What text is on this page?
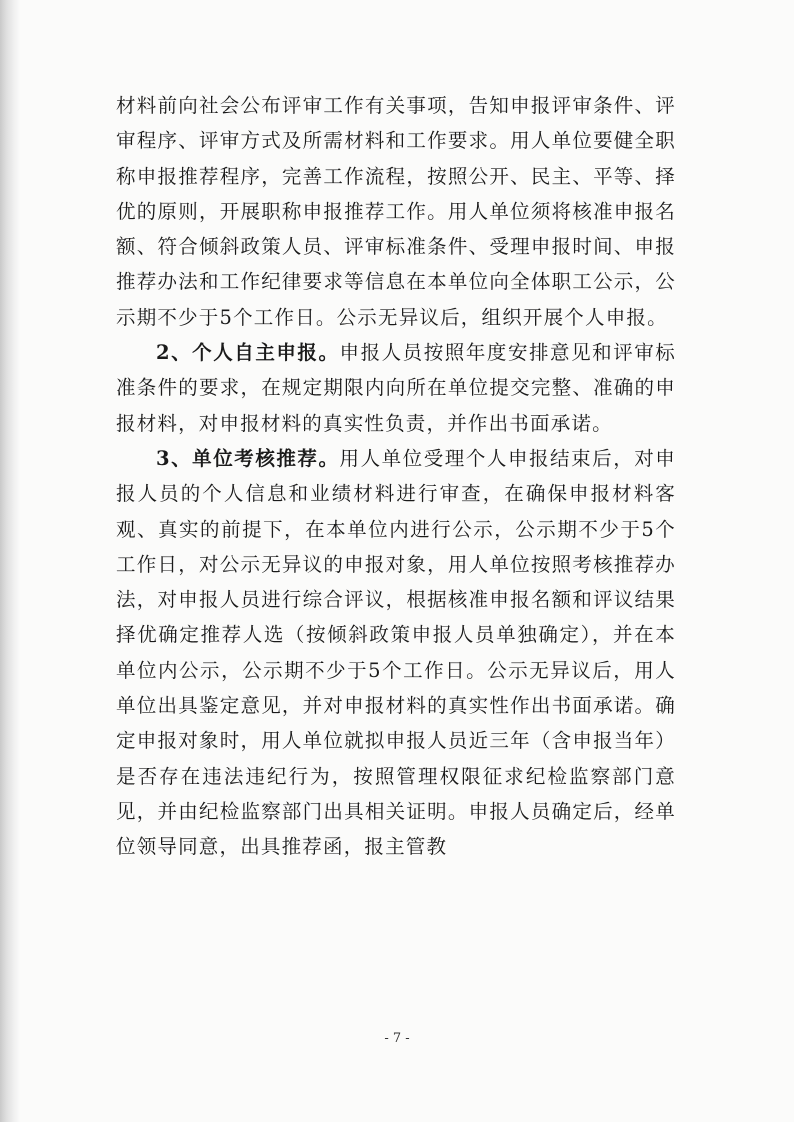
材料前向社会公布评审工作有关事项，告知申报评审条件、评审程序、评审方式及所需材料和工作要求。用人单位要健全职称申报推荐程序，完善工作流程，按照公开、民主、平等、择优的原则，开展职称申报推荐工作。用人单位须将核准申报名额、符合倾斜政策人员、评审标准条件、受理申报时间、申报推荐办法和工作纪律要求等信息在本单位向全体职工公示，公示期不少于5个工作日。公示无异议后，组织开展个人申报。

2、个人自主申报。申报人员按照年度安排意见和评审标准条件的要求，在规定期限内向所在单位提交完整、准确的申报材料，对申报材料的真实性负责，并作出书面承诺。

3、单位考核推荐。用人单位受理个人申报结束后，对申报人员的个人信息和业绩材料进行审查，在确保申报材料客观、真实的前提下，在本单位内进行公示，公示期不少于5个工作日，对公示无异议的申报对象，用人单位按照考核推荐办法，对申报人员进行综合评议，根据核准申报名额和评议结果择优确定推荐人选（按倾斜政策申报人员单独确定），并在本单位内公示，公示期不少于5个工作日。公示无异议后，用人单位出具鉴定意见，并对申报材料的真实性作出书面承诺。确定申报对象时，用人单位就拟申报人员近三年（含申报当年）是否存在违法违纪行为，按照管理权限征求纪检监察部门意见，并由纪检监察部门出具相关证明。申报人员确定后，经单位领导同意，出具推荐函，报主管教

- 7 -
